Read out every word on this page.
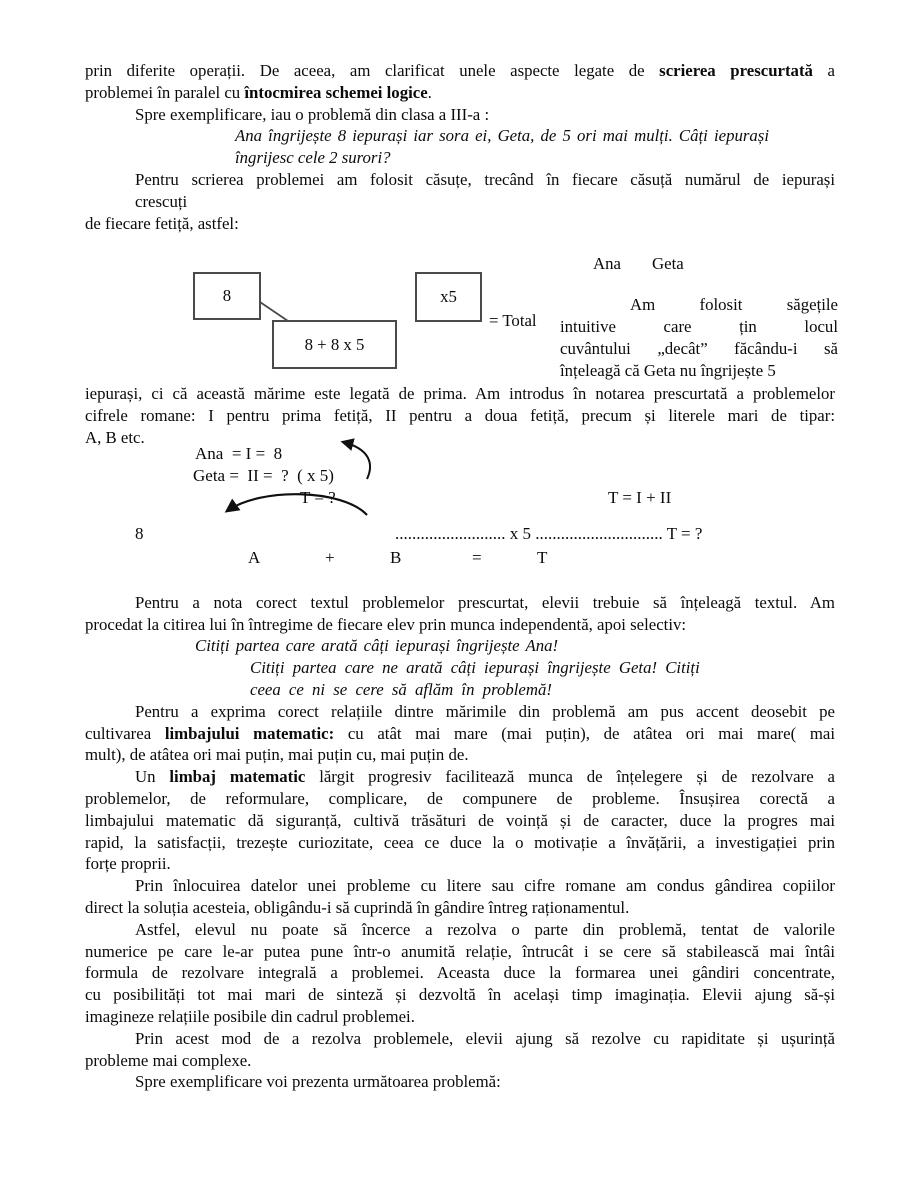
prin diferite operații. De aceea, am clarificat unele aspecte legate de scrierea prescurtată a
problemei în paralel cu întocmirea schemei logice.
Spre exemplificare, iau o problemă din clasa a III-a :
Ana îngrijește 8 iepurași iar sora ei, Geta, de 5 ori mai mulți. Câți iepurași
îngrijesc cele 2 surori?
Pentru scrierea problemei am folosit căsuțe, trecând în fiecare căsuță numărul de iepurași
crescuți
de fiecare fetiță, astfel:
Ana Geta
8
8 + 8 x 5
x5
= Total
Am folosit săgețile
intuitive care țin locul
cuvântului „decât” făcându-i să
înțeleagă că Geta nu îngrijește 5
iepurași, ci că această mărime este legată de prima. Am introdus în notarea prescurtată a problemelor
cifrele romane: I pentru prima fetiță, II pentru a doua fetiță, precum și literele mari de tipar:
A, B etc.
Ana  = I =  8
Geta =  II =  ?  ( x 5)
T = ?	T = I + II
8	.......................... x 5 .............................. T = ?
A	+	B	=	T
Pentru a nota corect textul problemelor prescurtat, elevii trebuie să înțeleagă textul. Am
procedat la citirea lui în întregime de fiecare elev prin munca independentă, apoi selectiv:
Citiți partea care arată câți iepurași îngrijește Ana!
Citiți partea care ne arată câți iepurași îngrijește Geta! Citiți
ceea ce ni se cere să aflăm în problemă!
Pentru a exprima corect relațiile dintre mărimile din problemă am pus accent deosebit pe
cultivarea limbajului matematic: cu atât mai mare (mai puțin), de atâtea ori mai mare( mai
mult), de atâtea ori mai puțin, mai puțin cu, mai puțin de.
Un limbaj matematic lărgit progresiv facilitează munca de înțelegere și de rezolvare a
problemelor, de reformulare, complicare, de compunere de probleme. Însușirea corectă a
limbajului matematic dă siguranță, cultivă trăsături de voință și de caracter, duce la progres mai
rapid, la satisfacții, trezește curiozitate, ceea ce duce la o motivație a învățării, a investigației prin
forțe proprii.
Prin înlocuirea datelor unei probleme cu litere sau cifre romane am condus gândirea copiilor
direct la soluția acesteia, obligându-i să cuprindă în gândire întreg raționamentul.
Astfel, elevul nu poate să încerce a rezolva o parte din problemă, tentat de valorile
numerice pe care le-ar putea pune într-o anumită relație, întrucât i se cere să stabilească mai întâi
formula de rezolvare integrală a problemei. Aceasta duce la formarea unei gândiri concentrate,
cu posibilități tot mai mari de sinteză și dezvoltă în același timp imaginația. Elevii ajung să-și
imagineze relațiile posibile din cadrul problemei.
Prin acest mod de a rezolva problemele, elevii ajung să rezolve cu rapiditate și ușurință
probleme mai complexe.
Spre exemplificare voi prezenta următoarea problemă:
